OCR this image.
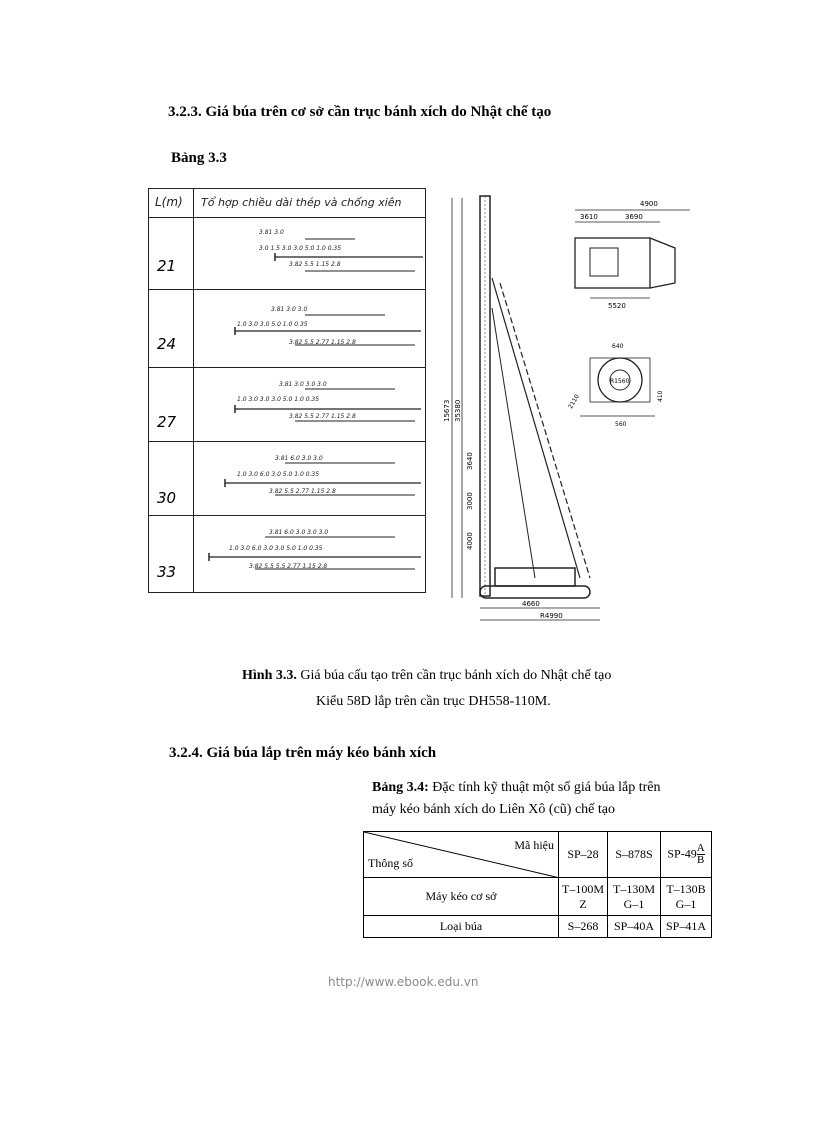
3.2.3. Giá búa trên cơ sở cần trục bánh xích do Nhật chế tạo
Bảng 3.3
L(m) Tổ hợp chiều dài thép và chống xiên
21
3.81 3.0
3.0 1.5 3.0 3.0 5.0 1.0 0.35
3.82 5.5 1.15 2.8
24
3.81 3.0 3.0
1.0 3.0 3.0 5.0 1.0 0.35
3.82 5.5 2.77 1.15 2.8
27
3.81 3.0 3.0 3.0
1.0 3.0 3.0 3.0 5.0 1.0 0.35
3.82 5.5 2.77 1.15 2.8
30
3.81 6.0 3.0 3.0
1.0 3.0 6.0 3.0 5.0 1.0 0.35
3.82 5.5 2.77 1.15 2.8
33
3.81 6.0 3.0 3.0 3.0
1.0 3.0 6.0 3.0 3.0 5.0 1.0 0.35
3.82 5.5 5.5 2.77 1.15 2.8
4900
3610	3690
5520
15673 35380
3640
3000
4000
4660
R4990
640
R1560
2110	410
560
Hình 3.3. Giá búa cấu tạo trên cần trục bánh xích do Nhật chế tạo
Kiểu 58D lắp trên cần trục DH558-110M.
3.2.4. Giá búa lắp trên máy kéo bánh xích
Bảng 3.4: Đặc tính kỹ thuật một số giá búa lắp trên
máy kéo bánh xích do Liên Xô (cũ) chế tạo
Mã hiệu
Thông số	SP–28	S–878S	$SP-49 \frac{A}{B}$

Máy kéo cơ sở	T–100M Z	T–130M G–1	T–130B G–1
Loại búa	S–268	SP–40A	SP–41A
http://www.ebook.edu.vn
